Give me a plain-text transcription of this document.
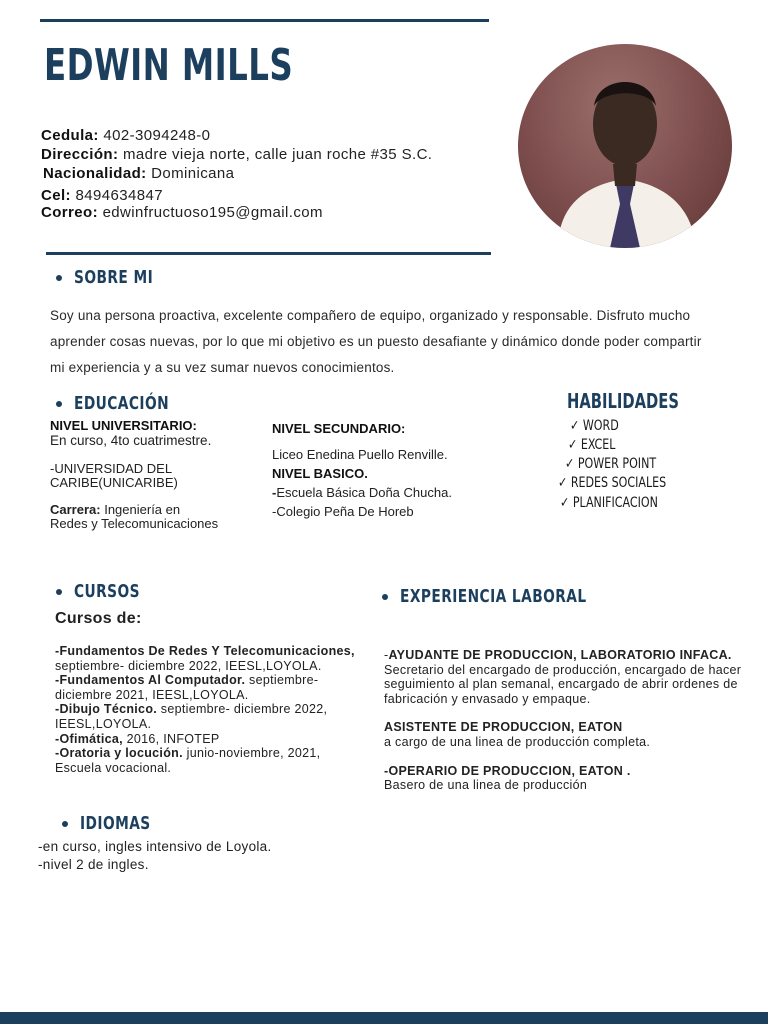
EDWIN MILLS
Cedula: 402-3094248-0
Dirección: madre vieja norte, calle juan roche #35 S.C.
Nacionalidad: Dominicana
Cel: 8494634847
Correo: edwinfructuoso195@gmail.com
SOBRE MI
Soy una persona proactiva, excelente compañero de equipo, organizado y responsable. Disfruto mucho aprender cosas nuevas, por lo que mi objetivo es un puesto desafiante y dinámico donde poder compartir mi experiencia y a su vez sumar nuevos conocimientos.
EDUCACIÓN
NIVEL UNIVERSITARIO:
En curso, 4to cuatrimestre.
-UNIVERSIDAD DEL CARIBE(UNICARIBE)
Carrera: Ingeniería en Redes y Telecomunicaciones
NIVEL SECUNDARIO:
Liceo Enedina Puello Renville.
NIVEL BASICO.
-Escuela Básica Doña Chucha.
-Colegio Peña De Horeb
HABILIDADES
✓ WORD
✓ EXCEL
✓ POWER POINT
✓ REDES SOCIALES
✓ PLANIFICACION
CURSOS
Cursos de:
-Fundamentos De Redes Y Telecomunicaciones, septiembre- diciembre 2022, IEESL,LOYOLA.
-Fundamentos Al Computador. septiembre-diciembre 2021, IEESL,LOYOLA.
-Dibujo Técnico. septiembre- diciembre 2022, IEESL,LOYOLA.
-Ofimática, 2016, INFOTEP
-Oratoria y locución. junio-noviembre, 2021, Escuela vocacional.
EXPERIENCIA LABORAL
-AYUDANTE DE PRODUCCION, LABORATORIO INFACA.
Secretario del encargado de producción, encargado de hacer seguimiento al plan semanal, encargado de abrir ordenes de fabricación y envasado y empaque.
ASISTENTE DE PRODUCCION, EATON
a cargo de una linea de producción completa.
-OPERARIO DE PRODUCCION, EATON .
Basero de una linea de producción
IDIOMAS
-en curso, ingles intensivo de Loyola.
-nivel 2 de ingles.
